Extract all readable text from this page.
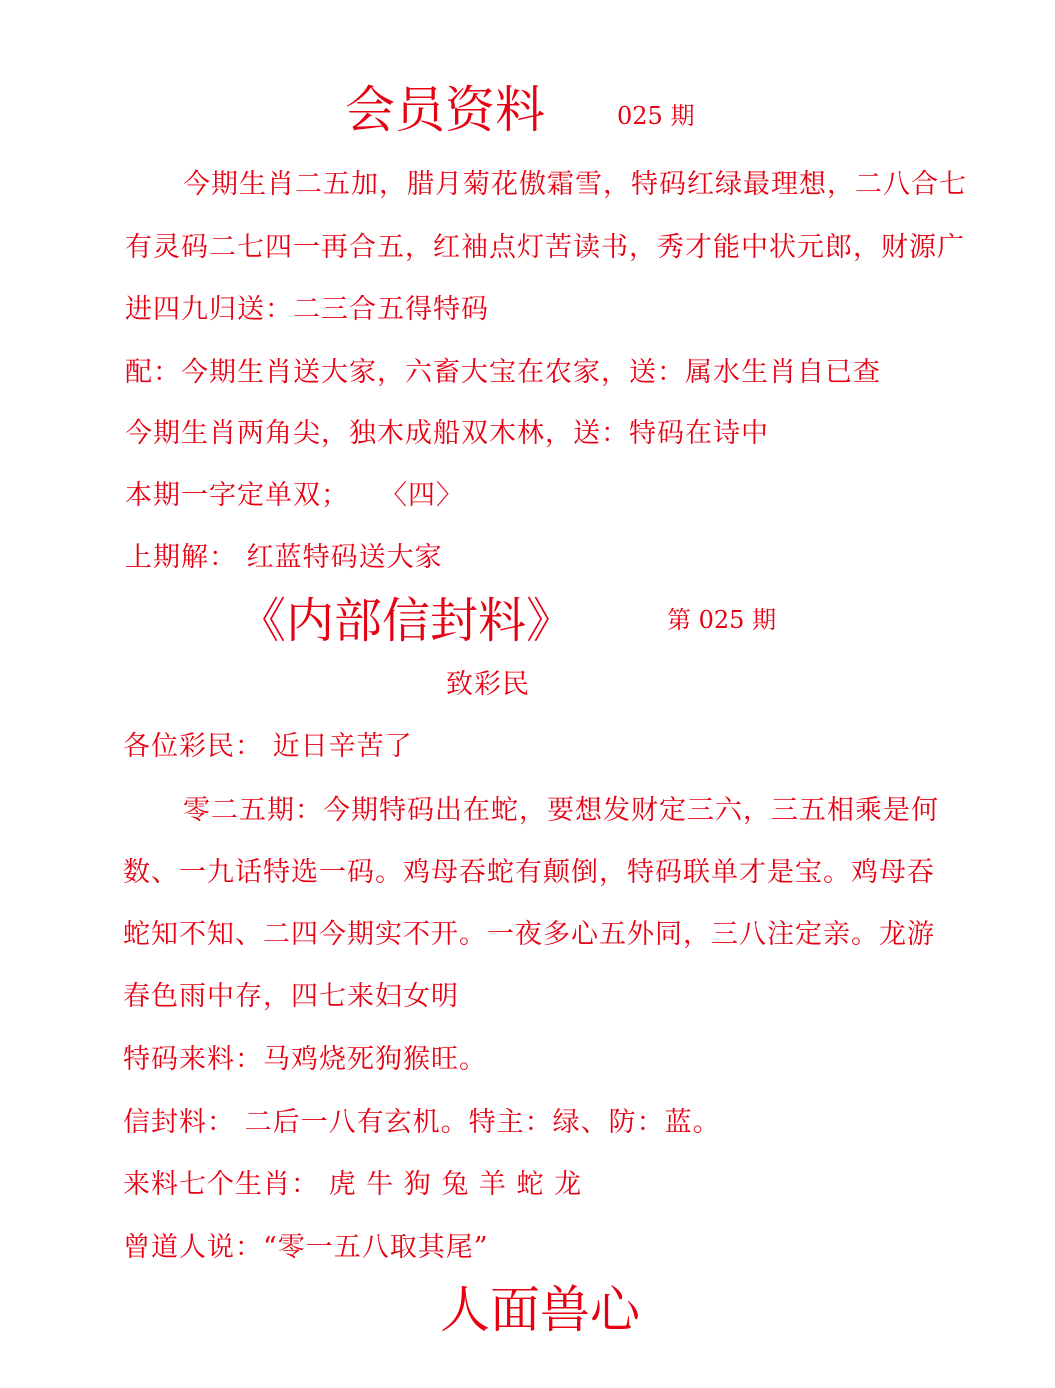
会员资料	025 期
今期生肖二五加，腊月菊花傲霜雪，特码红绿最理想，二八合七
有灵码二七四一再合五，红袖点灯苦读书，秀才能中状元郎，财源广
进四九归送：二三合五得特码
配：今期生肖送大家，六畜大宝在农家，送：属水生肖自已查
今期生肖两角尖，独木成船双木林，送：特码在诗中
本期一字定单双； 〈四〉
上期解： 红蓝特码送大家
《内部信封料》	第 025 期
致彩民
各位彩民： 近日辛苦了
零二五期：今期特码出在蛇，要想发财定三六，三五相乘是何
数、一九话特选一码。鸡母吞蛇有颠倒，特码联单才是宝。鸡母吞
蛇知不知、二四今期实不开。一夜多心五外同，三八注定亲。龙游
春色雨中存，四七来妇女明
特码来料：马鸡烧死狗猴旺。
信封料： 二后一八有玄机。特主：绿、防：蓝。
来料七个生肖： 虎 牛 狗 兔 羊 蛇 龙
曾道人说：“零一五八取其尾”
人面兽心
